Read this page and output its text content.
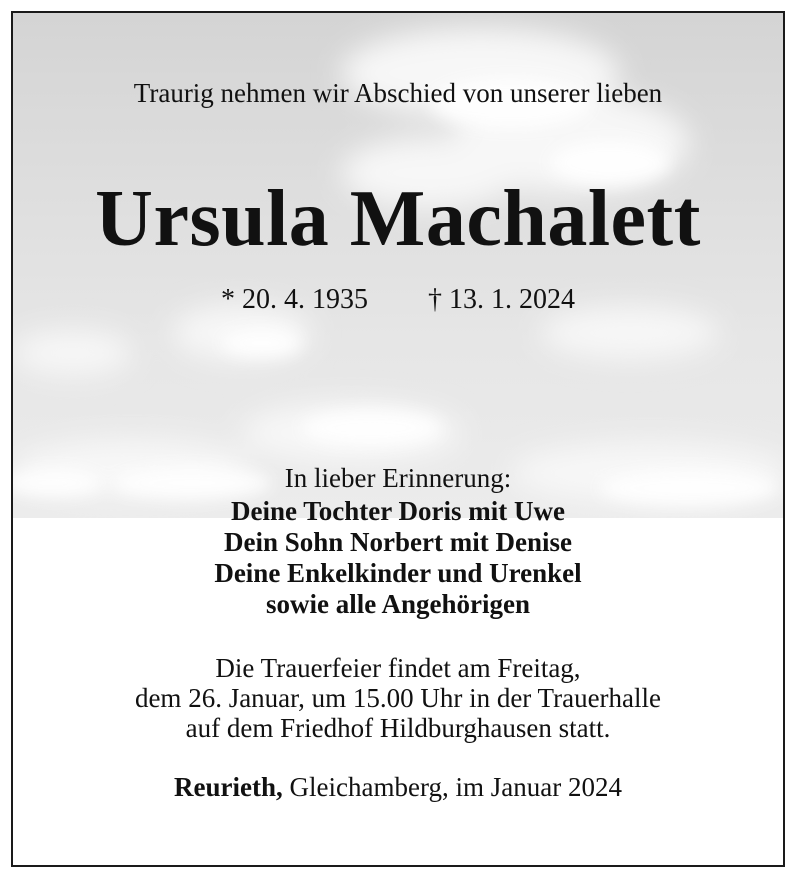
Traurig nehmen wir Abschied von unserer lieben
Ursula Machalett
* 20. 4. 1935 † 13. 1. 2024
In lieber Erinnerung:
Deine Tochter Doris mit Uwe
Dein Sohn Norbert mit Denise
Deine Enkelkinder und Urenkel
sowie alle Angehörigen
Die Trauerfeier findet am Freitag,
dem 26. Januar, um 15.00 Uhr in der Trauerhalle
auf dem Friedhof Hildburghausen statt.
Reurieth, Gleichamberg, im Januar 2024
